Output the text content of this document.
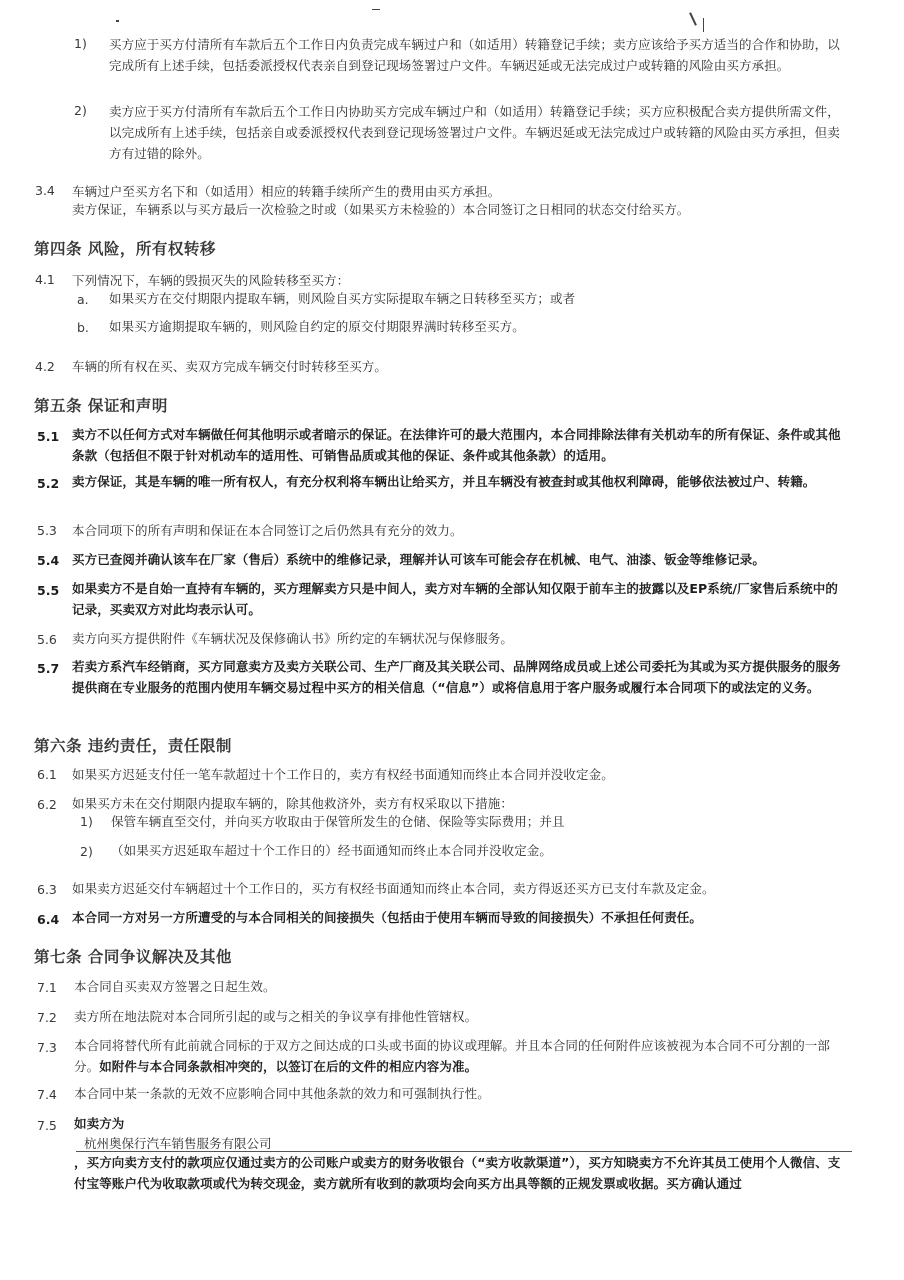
1) 买方应于买方付清所有车款后五个工作日内负责完成车辆过户和（如适用）转籍登记手续；卖方应该给予买方适当的合作和协助，以完成所有上述手续，包括委派授权代表亲自到登记现场签署过户文件。车辆迟延或无法完成过户或转籍的风险由买方承担。
2) 卖方应于买方付清所有车款后五个工作日内协助买方完成车辆过户和（如适用）转籍登记手续；买方应积极配合卖方提供所需文件，以完成所有上述手续，包括亲自或委派授权代表到登记现场签署过户文件。车辆迟延或无法完成过户或转籍的风险由买方承担，但卖方有过错的除外。
3.4 车辆过户至买方名下和（如适用）相应的转籍手续所产生的费用由买方承担。
卖方保证，车辆系以与买方最后一次检验之时或（如果买方未检验的）本合同签订之日相同的状态交付给买方。
第四条 风险，所有权转移
4.1 下列情况下，车辆的毁损灭失的风险转移至买方：
a. 如果买方在交付期限内提取车辆，则风险自买方实际提取车辆之日转移至买方；或者
b. 如果买方逾期提取车辆的，则风险自约定的原交付期限界满时转移至买方。
4.2 车辆的所有权在买、卖双方完成车辆交付时转移至买方。
第五条 保证和声明
5.1 卖方不以任何方式对车辆做任何其他明示或者暗示的保证。在法律许可的最大范围内，本合同排除法律有关机动车的所有保证、条件或其他条款（包括但不限于针对机动车的适用性、可销售品质或其他的保证、条件或其他条款）的适用。
5.2 卖方保证，其是车辆的唯一所有权人，有充分权利将车辆出让给买方，并且车辆没有被查封或其他权利障碍，能够依法被过户、转籍。
5.3 本合同项下的所有声明和保证在本合同签订之后仍然具有充分的效力。
5.4 买方已查阅并确认该车在厂家（售后）系统中的维修记录，理解并认可该车可能会存在机械、电气、油漆、钣金等维修记录。
5.5 如果卖方不是自始一直持有车辆的，买方理解卖方只是中间人，卖方对车辆的全部认知仅限于前车主的披露以及EP系统/厂家售后系统中的记录，买卖双方对此均表示认可。
5.6 卖方向买方提供附件《车辆状况及保修确认书》所约定的车辆状况与保修服务。
5.7 若卖方系汽车经销商，买方同意卖方及卖方关联公司、生产厂商及其关联公司、品牌网络成员或上述公司委托为其或为买方提供服务的服务提供商在专业服务的范围内使用车辆交易过程中买方的相关信息（“信息”）或将信息用于客户服务或履行本合同项下的或法定的义务。
第六条 违约责任，责任限制
6.1 如果买方迟延支付任一笔车款超过十个工作日的，卖方有权经书面通知而终止本合同并没收定金。
6.2 如果买方未在交付期限内提取车辆的，除其他救济外，卖方有权采取以下措施：
1) 保管车辆直至交付，并向买方收取由于保管所发生的仓储、保险等实际费用；并且
2) （如果买方迟延取车超过十个工作日的）经书面通知而终止本合同并没收定金。
6.3 如果卖方迟延交付车辆超过十个工作日的，买方有权经书面通知而终止本合同，卖方得返还买方已支付车款及定金。
6.4 本合同一方对另一方所遭受的与本合同相关的间接损失（包括由于使用车辆而导致的间接损失）不承担任何责任。
第七条 合同争议解决及其他
7.1 本合同自买卖双方签署之日起生效。
7.2 卖方所在地法院对本合同所引起的或与之相关的争议享有排他性管辖权。
7.3 本合同将替代所有此前就合同标的于双方之间达成的口头或书面的协议或理解。并且本合同的任何附件应该被视为本合同不可分割的一部分。如附件与本合同条款相冲突的，以签订在后的文件的相应内容为准。
7.4 本合同中某一条款的无效不应影响合同中其他条款的效力和可强制执行性。
7.5 如卖方为
杭州奥保行汽车销售服务有限公司
，买方向卖方支付的款项应仅通过卖方的公司账户或卖方的财务收银台（“卖方收款渠道”），买方知晓卖方不允许其员工使用个人微信、支付宝等账户代为收取款项或代为转交现金，卖方就所有收到的款项均会向买方出具等额的正规发票或收据。买方确认通过
